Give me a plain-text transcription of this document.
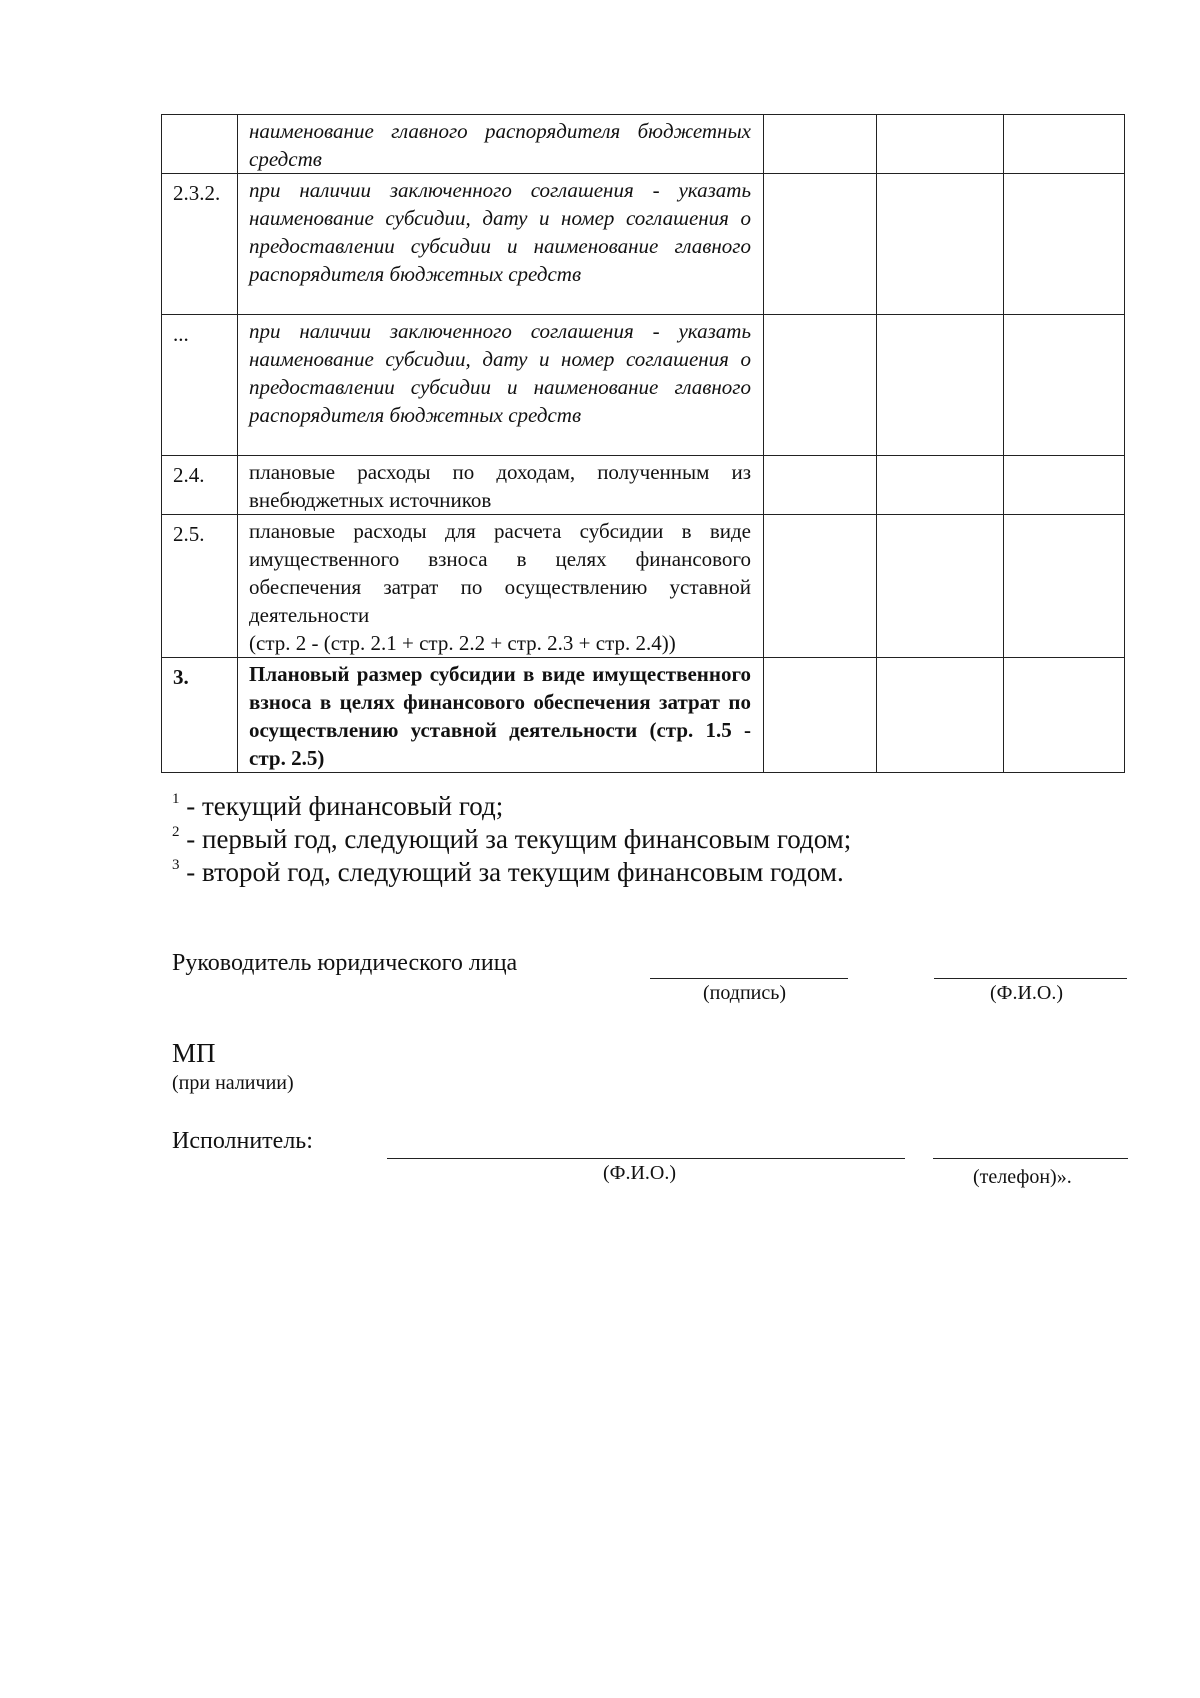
	наименование главного распорядителя бюджетных средств			
2.3.2.	при наличии заключенного соглашения - указать наименование субсидии, дату и номер соглашения о предоставлении субсидии и наименование главного распорядителя бюджетных средств			
...	при наличии заключенного соглашения - указать наименование субсидии, дату и номер соглашения о предоставлении субсидии и наименование главного распорядителя бюджетных средств			
2.4.	плановые расходы по доходам, полученным из внебюджетных источников			
2.5.	плановые расходы для расчета субсидии в виде имущественного взноса в целях финансового обеспечения затрат по осуществлению уставной деятельности
(стр. 2 - (стр. 2.1 + стр. 2.2 + стр. 2.3 + стр. 2.4))			

3.	Плановый размер субсидии в виде имущественного взноса в целях финансового обеспечения затрат по осуществлению уставной деятельности (стр. 1.5 - стр. 2.5)			
$^1$ - текущий финансовый год;
$^2$ - первый год, следующий за текущим финансовым годом;
$^3$ - второй год, следующий за текущим финансовым годом.
Руководитель юридического лица
(подпись)	(Ф.И.О.)
МП
(при наличии)
Исполнитель:
(Ф.И.О.)	(телефон)».
